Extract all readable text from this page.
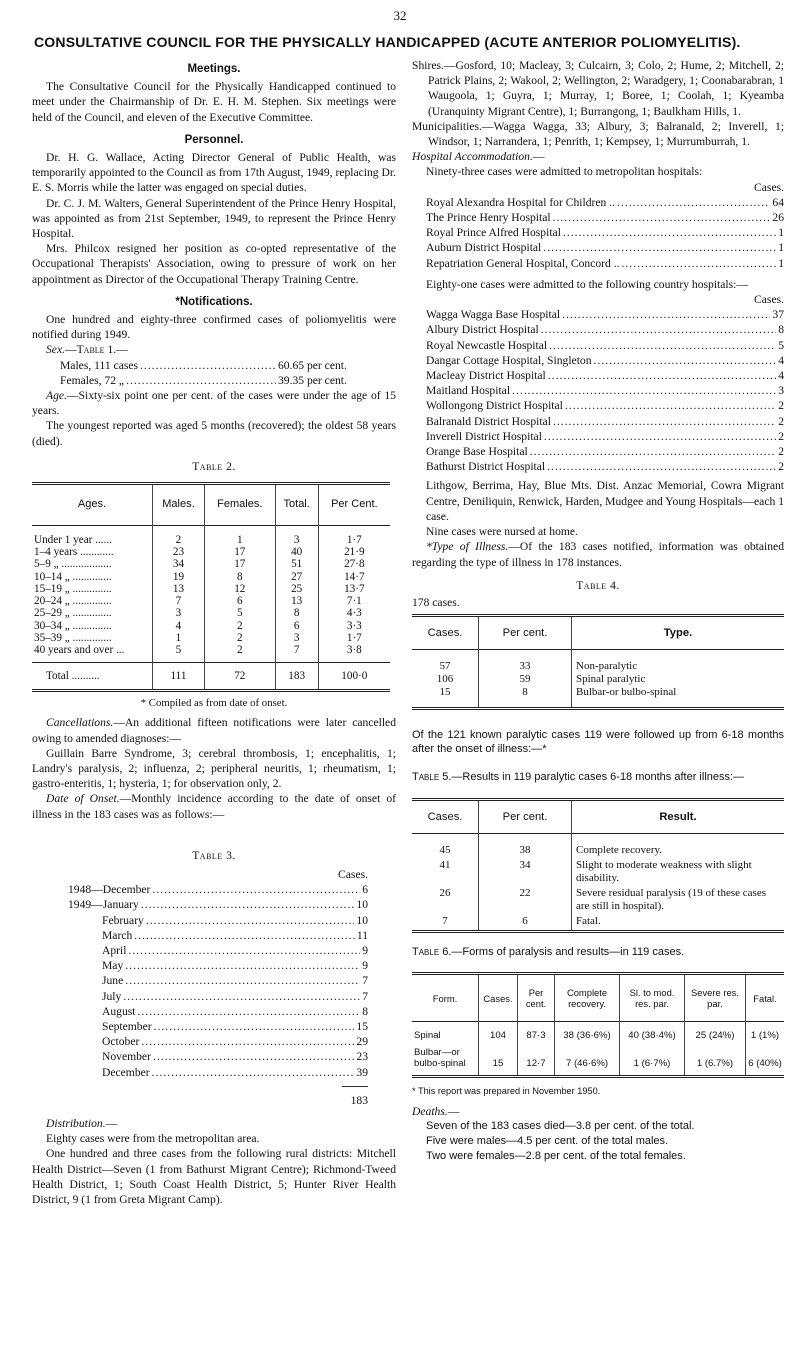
32
CONSULTATIVE COUNCIL FOR THE PHYSICALLY HANDICAPPED (ACUTE ANTERIOR POLIOMYELITIS).
Meetings.

The Consultative Council for the Physically Handicapped continued to meet under the Chairmanship of Dr. E. H. M. Stephen. Six meetings were held of the Council, and eleven of the Executive Committee.

Personnel.

Dr. H. G. Wallace, Acting Director General of Public Health, was temporarily appointed to the Council as from 17th August, 1949, replacing Dr. E. S. Morris while the latter was engaged on special duties.

Dr. C. J. M. Walters, General Superintendent of the Prince Henry Hospital, was appointed as from 21st September, 1949, to represent the Prince Henry Hospital.

Mrs. Philcox resigned her position as co-opted representative of the Occupational Therapists' Association, owing to pressure of work on her appointment as Director of the Occupational Therapy Training Centre.

*Notifications.

One hundred and eighty-three confirmed cases of poliomyelitis were notified during 1949.

Sex.—Table 1.—

Males, 111 cases .....	60.65 per cent.
Females, 72 „ .....	39.35 per cent.

Age.—Sixty-six point one per cent. of the cases were under the age of 15 years.

The youngest reported was aged 5 months (recovered); the oldest 58 years (died).

Table 2.
Ages.	Males.	Females.	Total.	Per Cent.
Under 1 year ......	2	1	3	1·7
1–4 years ............	23	17	40	21·9
5–9 „ ..................	34	17	51	27·8
10–14 „ ..............	19	8	27	14·7
15–19 „ ..............	13	12	25	13·7
20–24 „ ..............	7	6	13	7·1
25–29 „ ..............	3	5	8	4·3
30–34 „ ..............	4	2	6	3·3
35–39 „ ..............	1	2	3	1·7
40 years and over ...	5	2	7	3·8
Total ..........	111	72	183	100·0

* Compiled as from date of onset.

Cancellations.—An additional fifteen notifications were later cancelled owing to amended diagnoses:—

Guillain Barre Syndrome, 3; cerebral thrombosis, 1; encephalitis, 1; Landry's paralysis, 2; influenza, 2; peripheral neuritis, 1; rheumatism, 1; gastro-enteritis, 1; hysteria, 1; for observation only, 2.

Date of Onset.—Monthly incidence according to the date of onset of illness in the 183 cases was as follows:—

Table 3.
Cases.
1948—December .....	6
1949—January .....	10
February .....	10
March .....	11
April .....	9
May .....	9
June .....	7
July .....	7
August .....	8
September .....	15
October .....	29
November .....	23
December .....	39
183

Distribution.—

Eighty cases were from the metropolitan area.

One hundred and three cases from the following rural districts: Mitchell Health District—Seven (1 from Bathurst Migrant Centre); Richmond-Tweed Health District, 1; South Coast Health District, 5; Hunter River Health District, 9 (1 from Greta Migrant Camp).

Shires.—Gosford, 10; Macleay, 3; Culcairn, 3; Colo, 2; Hume, 2; Mitchell, 2; Patrick Plains, 2; Wakool, 2; Wellington, 2; Waradgery, 1; Coonabarabran, 1 Waugoola, 1; Guyra, 1; Murray, 1; Boree, 1; Coolah, 1; Kyeamba (Uranquinty Migrant Centre), 1; Burrangong, 1; Baulkham Hills, 1.

Municipalities.—Wagga Wagga, 33; Albury, 3; Balranald, 2; Inverell, 1; Windsor, 1; Narrandera, 1; Penrith, 1; Kempsey, 1; Murrumburrah, 1.

Hospital Accommodation.—

Ninety-three cases were admitted to metropolitan hospitals:

Cases.
Royal Alexandra Hospital for Children .. .....	64
The Prince Henry Hospital .....	26
Royal Prince Alfred Hospital .....	1
Auburn District Hospital .....	1
Repatriation General Hospital, Concord .. .....	1

Eighty-one cases were admitted to the following country hospitals:—

Cases.
Wagga Wagga Base Hospital .....	37
Albury District Hospital .....	8
Royal Newcastle Hospital .....	5
Dangar Cottage Hospital, Singleton .....	4
Macleay District Hospital .....	4
Maitland Hospital .....	3
Wollongong District Hospital .....	2
Balranald District Hospital .....	2
Inverell District Hospital .....	2
Orange Base Hospital .....	2
Bathurst District Hospital .....	2

Lithgow, Berrima, Hay, Blue Mts. Dist. Anzac Memorial, Cowra Migrant Centre, Deniliquin, Renwick, Harden, Mudgee and Young Hospitals—each 1 case.

Nine cases were nursed at home.

*Type of Illness.—Of the 183 cases notified, information was obtained regarding the type of illness in 178 instances.

Table 4.

178 cases.

Cases.	Per cent.	Type.
57	33	Non-paralytic
106	59	Spinal paralytic
15	8	Bulbar-or bulbo-spinal

Of the 121 known paralytic cases 119 were followed up from 6-18 months after the onset of illness:—*

Table 5.—Results in 119 paralytic cases 6-18 months after illness:—

Cases.	Per cent.	Result.
45	38	Complete recovery.
41	34	Slight to moderate weakness with slight disability.
26	22	Severe residual paralysis (19 of these cases are still in hospital).
7	6	Fatal.

Table 6.—Forms of paralysis and results—in 119 cases.

Form.	Cases.	Per cent.	Complete recovery.	Sl. to mod. res. par.	Severe res. par.	Fatal.
Spinal	104	87·3	38 (36·6%)	40 (38·4%)	25 (24%)	1 (1%)
Bulbar—or bulbo-spinal	15	12·7	7 (46·6%)	1 (6·7%)	1 (6.7%)	6 (40%)

* This report was prepared in November 1950.

Deaths.—

Seven of the 183 cases died—3.8 per cent. of the total.

Five were males—4.5 per cent. of the total males.

Two were females—2.8 per cent. of the total females.
